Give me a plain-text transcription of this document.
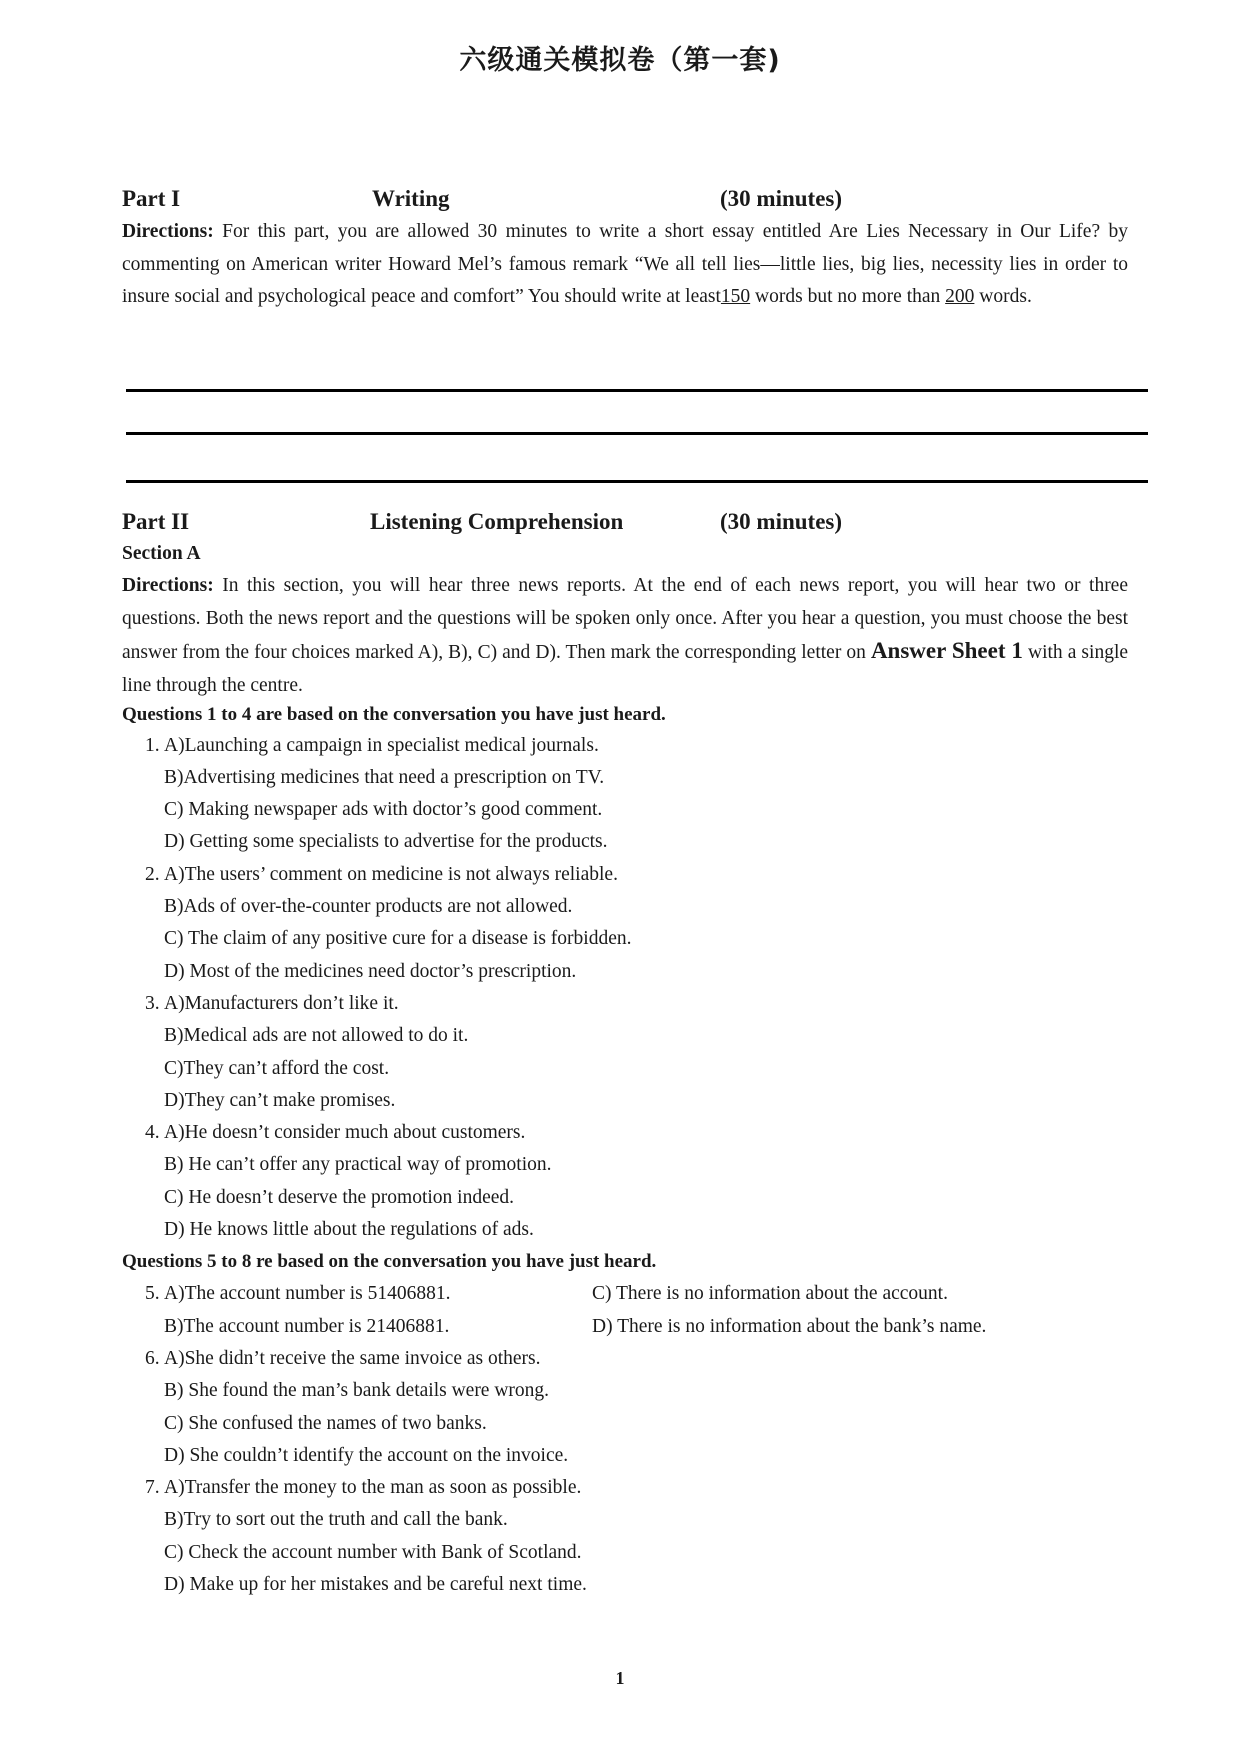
六级通关模拟卷（第一套)
Part I	Writing	(30 minutes)
Directions: For this part, you are allowed 30 minutes to write a short essay entitled Are Lies Necessary in Our Life? by commenting on American writer Howard Mel’s famous remark “We all tell lies—little lies, big lies, necessity lies in order to insure social and psychological peace and comfort” You should write at least150 words but no more than 200 words.
Part II	Listening Comprehension	(30 minutes)
Section A
Directions: In this section, you will hear three news reports. At the end of each news report, you will hear two or three questions. Both the news report and the questions will be spoken only once. After you hear a question, you must choose the best answer from the four choices marked A), B), C) and D). Then mark the corresponding letter on Answer Sheet 1 with a single line through the centre.
Questions 1 to 4 are based on the conversation you have just heard.
1. A)Launching a campaign in specialist medical journals.
B)Advertising medicines that need a prescription on TV.
C) Making newspaper ads with doctor’s good comment.
D) Getting some specialists to advertise for the products.
2. A)The users’ comment on medicine is not always reliable.
B)Ads of over-the-counter products are not allowed.
C) The claim of any positive cure for a disease is forbidden.
D) Most of the medicines need doctor’s prescription.
3. A)Manufacturers don’t like it.
B)Medical ads are not allowed to do it.
C)They can’t afford the cost.
D)They can’t make promises.
4. A)He doesn’t consider much about customers.
B) He can’t offer any practical way of promotion.
C) He doesn’t deserve the promotion indeed.
D) He knows little about the regulations of ads.
Questions 5 to 8 re based on the conversation you have just heard.
5. A)The account number is 51406881.
B)The account number is 21406881.
C) There is no information about the account.
D) There is no information about the bank’s name.
6. A)She didn’t receive the same invoice as others.
B) She found the man’s bank details were wrong.
C) She confused the names of two banks.
D) She couldn’t identify the account on the invoice.
7. A)Transfer the money to the man as soon as possible.
B)Try to sort out the truth and call the bank.
C) Check the account number with Bank of Scotland.
D) Make up for her mistakes and be careful next time.
1
